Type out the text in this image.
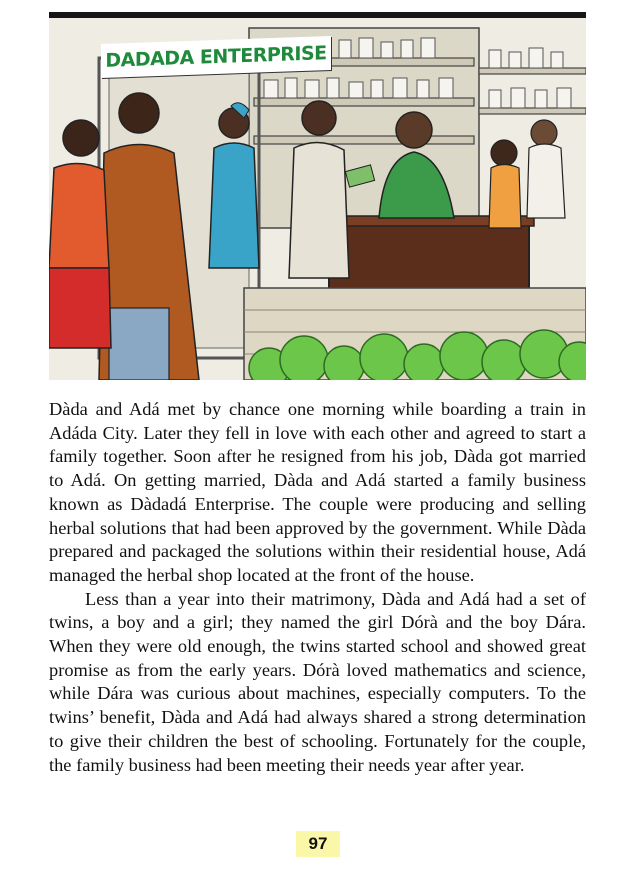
DADADA ENTERPRISE

Dàda and Adá met by chance one morning while boarding a train in Adáda City. Later they fell in love with each other and agreed to start a family together. Soon after he resigned from his job, Dàda got married to Adá. On getting married, Dàda and Adá started a family business known as Dàdadá Enterprise. The couple were producing and selling herbal solutions that had been approved by the government. While Dàda prepared and packaged the solutions within their residential house, Adá managed the herbal shop located at the front of the house.

Less than a year into their matrimony, Dàda and Adá had a set of twins, a boy and a girl; they named the girl Dórà and the boy Dára. When they were old enough, the twins started school and showed great promise as from the early years. Dórà loved mathematics and science, while Dára was curious about machines, especially computers. To the twins’ benefit, Dàda and Adá had always shared a strong determination to give their children the best of schooling. Fortunately for the couple, the family business had been meeting their needs year after year.

97
